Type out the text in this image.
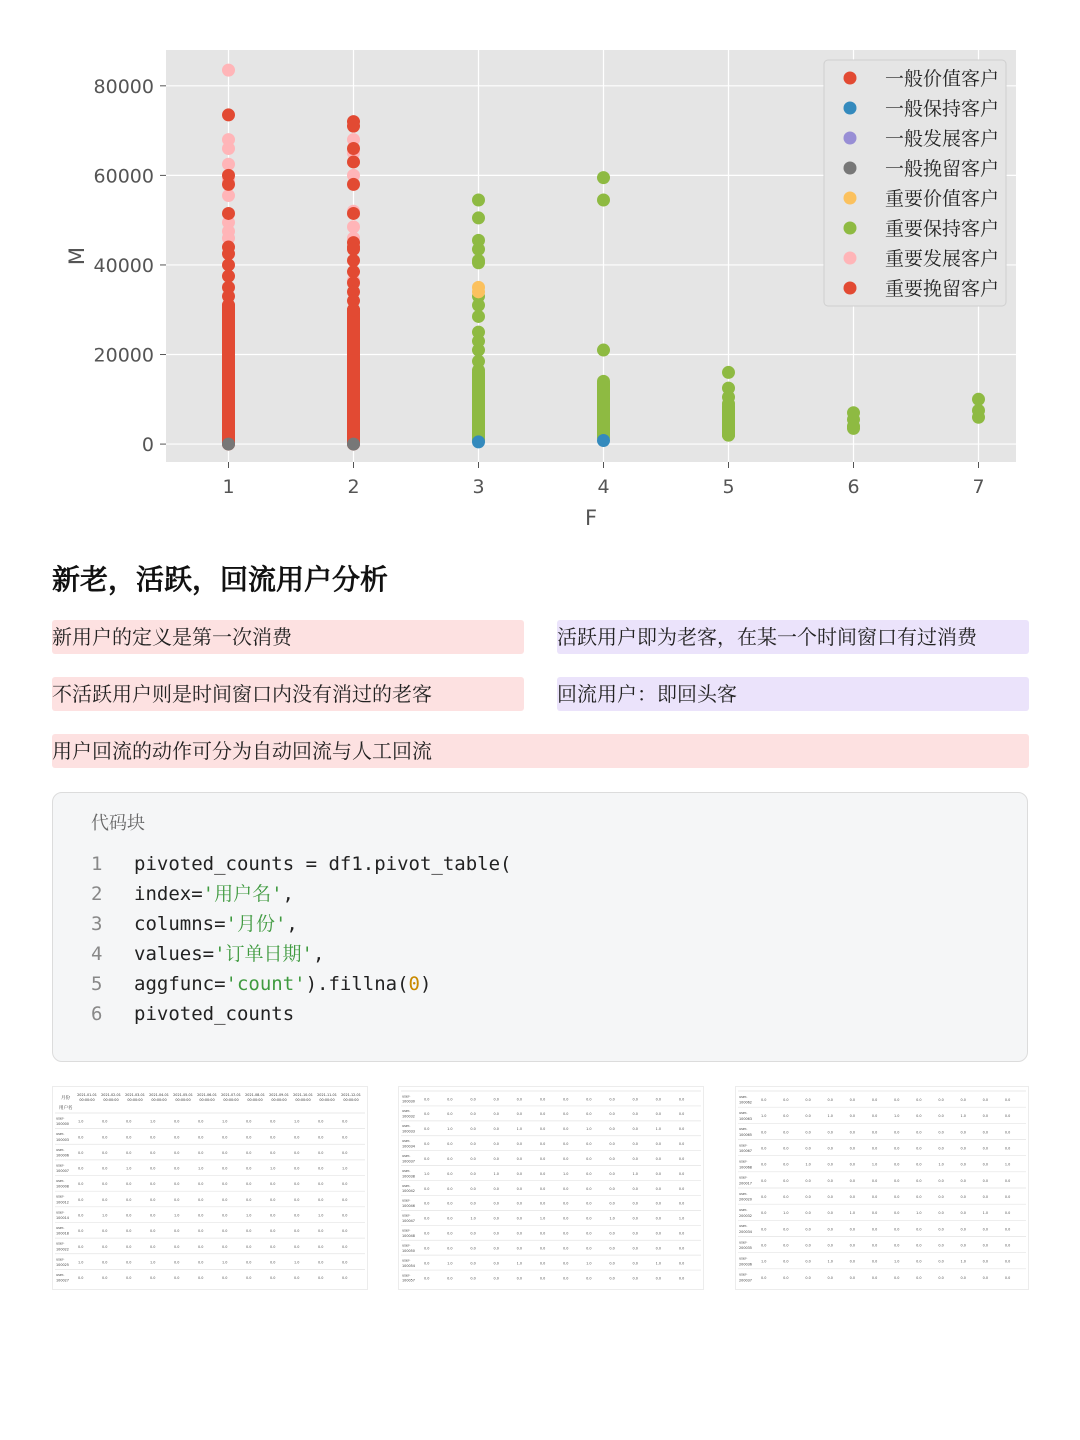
1	2	3	4	5	6	7
0
20000
40000
60000
80000
F
M
一般价值客户
一般保持客户
一般发展客户
一般挽留客户
重要价值客户
重要保持客户
重要发展客户
重要挽留客户
新老，活跃，回流用户分析
新用户的定义是第一次消费	活跃用户即为老客，在某一个时间窗口有过消费
不活跃用户则是时间窗口内没有消过的老客	回流用户：即回头客
用户回流的动作可分为自动回流与人工回流
代码块
1	pivoted_counts = df1.pivot_table(
2	index='用户名',
3	columns='月份',
4	values='订单日期',
5	aggfunc='count').fillna(0)
6	pivoted_counts
月份
2021-01-01
00:00:00
2021-02-01
00:00:00
2021-03-01
00:00:00
2021-04-01
00:00:00
2021-05-01
00:00:00
2021-06-01
00:00:00
2021-07-01
00:00:00
2021-08-01
00:00:00
2021-09-01
00:00:00
2021-10-01
00:00:00
2021-11-01
00:00:00
2021-12-01
00:00:00
用户名
user-
100000
1.0	0.0	0.0	1.0	0.0	0.0	1.0	0.0	0.0	1.0	0.0	0.0
user-
100003
0.0	0.0	0.0	0.0	0.0	0.0	0.0	0.0	0.0	0.0	0.0	0.0
user-
100006
0.0	0.0	0.0	0.0	0.0	0.0	0.0	0.0	0.0	0.0	0.0	0.0
user-
100007
0.0	0.0	1.0	0.0	0.0	1.0	0.0	0.0	1.0	0.0	0.0	1.0
user-
100008
0.0	0.0	0.0	0.0	0.0	0.0	0.0	0.0	0.0	0.0	0.0	0.0
user-
100012
0.0	0.0	0.0	0.0	0.0	0.0	0.0	0.0	0.0	0.0	0.0	0.0
user-
100014
0.0	1.0	0.0	0.0	1.0	0.0	0.0	1.0	0.0	0.0	1.0	0.0
user-
100018
0.0	0.0	0.0	0.0	0.0	0.0	0.0	0.0	0.0	0.0	0.0	0.0
user-
100022
0.0	0.0	0.0	0.0	0.0	0.0	0.0	0.0	0.0	0.0	0.0	0.0
user-
100025
1.0	0.0	0.0	1.0	0.0	0.0	1.0	0.0	0.0	1.0	0.0	0.0
user-
100027
0.0	0.0	0.0	0.0	0.0	0.0	0.0	0.0	0.0	0.0	0.0	0.0
user-
100030
0.0	0.0	0.0	0.0	0.0	0.0	0.0	0.0	0.0	0.0	0.0	0.0
user-
100032
0.0	0.0	0.0	0.0	0.0	0.0	0.0	0.0	0.0	0.0	0.0	0.0
user-
100033
0.0	1.0	0.0	0.0	1.0	0.0	0.0	1.0	0.0	0.0	1.0	0.0
user-
100034
0.0	0.0	0.0	0.0	0.0	0.0	0.0	0.0	0.0	0.0	0.0	0.0
user-
100037
0.0	0.0	0.0	0.0	0.0	0.0	0.0	0.0	0.0	0.0	0.0	0.0
user-
100038
1.0	0.0	0.0	1.0	0.0	0.0	1.0	0.0	0.0	1.0	0.0	0.0
user-
100042
0.0	0.0	0.0	0.0	0.0	0.0	0.0	0.0	0.0	0.0	0.0	0.0
user-
100046
0.0	0.0	0.0	0.0	0.0	0.0	0.0	0.0	0.0	0.0	0.0	0.0
user-
100047
0.0	0.0	1.0	0.0	0.0	1.0	0.0	0.0	1.0	0.0	0.0	1.0
user-
100048
0.0	0.0	0.0	0.0	0.0	0.0	0.0	0.0	0.0	0.0	0.0	0.0
user-
100050
0.0	0.0	0.0	0.0	0.0	0.0	0.0	0.0	0.0	0.0	0.0	0.0
user-
100054
0.0	1.0	0.0	0.0	1.0	0.0	0.0	1.0	0.0	0.0	1.0	0.0
user-
100057
0.0	0.0	0.0	0.0	0.0	0.0	0.0	0.0	0.0	0.0	0.0	0.0
user-
100062
0.0	0.0	0.0	0.0	0.0	0.0	0.0	0.0	0.0	0.0	0.0	0.0
user-
100063
1.0	0.0	0.0	1.0	0.0	0.0	1.0	0.0	0.0	1.0	0.0	0.0
user-
100065
0.0	0.0	0.0	0.0	0.0	0.0	0.0	0.0	0.0	0.0	0.0	0.0
user-
100067
0.0	0.0	0.0	0.0	0.0	0.0	0.0	0.0	0.0	0.0	0.0	0.0
user-
100068
0.0	0.0	1.0	0.0	0.0	1.0	0.0	0.0	1.0	0.0	0.0	1.0
user-
200017
0.0	0.0	0.0	0.0	0.0	0.0	0.0	0.0	0.0	0.0	0.0	0.0
user-
200020
0.0	0.0	0.0	0.0	0.0	0.0	0.0	0.0	0.0	0.0	0.0	0.0
user-
200032
0.0	1.0	0.0	0.0	1.0	0.0	0.0	1.0	0.0	0.0	1.0	0.0
user-
200034
0.0	0.0	0.0	0.0	0.0	0.0	0.0	0.0	0.0	0.0	0.0	0.0
user-
200035
0.0	0.0	0.0	0.0	0.0	0.0	0.0	0.0	0.0	0.0	0.0	0.0
user-
200036
1.0	0.0	0.0	1.0	0.0	0.0	1.0	0.0	0.0	1.0	0.0	0.0
user-
200037
0.0	0.0	0.0	0.0	0.0	0.0	0.0	0.0	0.0	0.0	0.0	0.0
